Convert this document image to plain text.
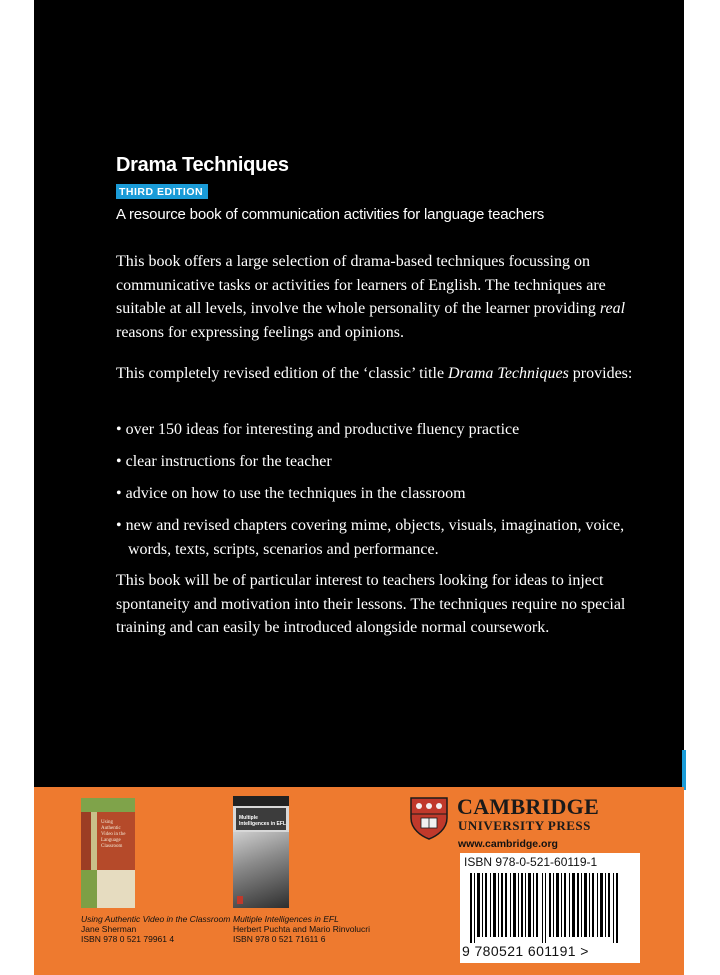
Drama Techniques
THIRD EDITION
A resource book of communication activities for language teachers

This book offers a large selection of drama-based techniques focussing on communicative tasks or activities for learners of English. The techniques are suitable at all levels, involve the whole personality of the learner providing real reasons for expressing feelings and opinions.

This completely revised edition of the ‘classic’ title Drama Techniques provides:

• over 150 ideas for interesting and productive fluency practice

• clear instructions for the teacher

• advice on how to use the techniques in the classroom

• new and revised chapters covering mime, objects, visuals, imagination, voice, words, texts, scripts, scenarios and performance.

This book will be of particular interest to teachers looking for ideas to inject spontaneity and motivation into their lessons. The techniques require no special training and can easily be introduced alongside normal coursework.

Using Authentic Video in the Language Classroom
Multiple Intelligences in EFL
Using Authentic Video in the Classroom
Jane Sherman
ISBN 978 0 521 79961 4
Multiple Intelligences in EFL
Herbert Puchta and Mario Rinvolucri
ISBN 978 0 521 71611 6
CAMBRIDGE
UNIVERSITY PRESS
www.cambridge.org
ISBN 978-0-521-60119-1
9 780521 601191 >
